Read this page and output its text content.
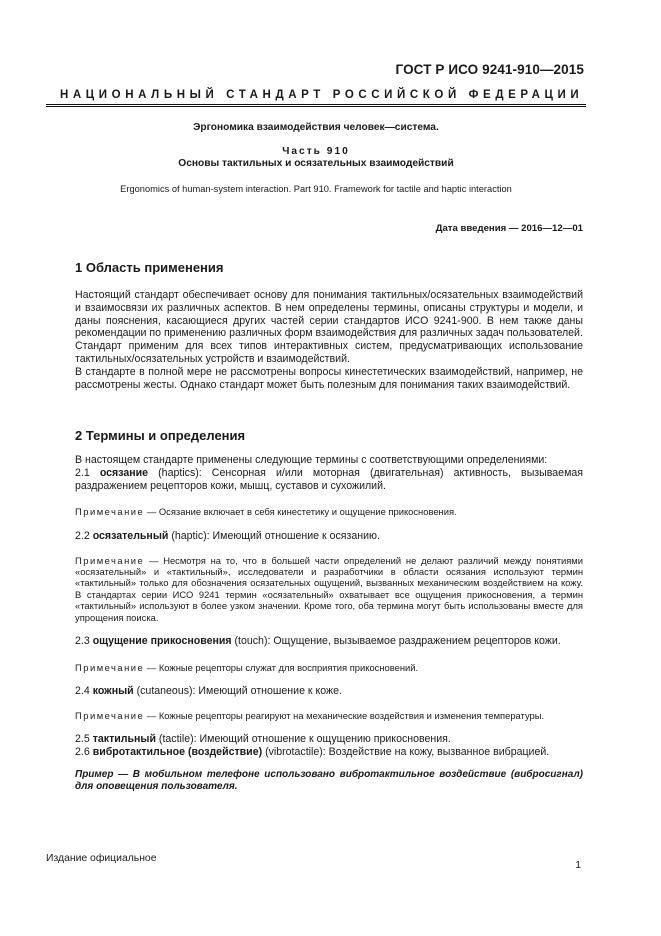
ГОСТ Р ИСО 9241-910—2015
НАЦИОНАЛЬНЫЙ СТАНДАРТ РОССИЙСКОЙ ФЕДЕРАЦИИ
Эргономика взаимодействия человек—система.
Часть 910
Основы тактильных и осязательных взаимодействий
Ergonomics of human-system interaction. Part 910. Framework for tactile and haptic interaction
Дата введения — 2016—12—01
1 Область применения

Настоящий стандарт обеспечивает основу для понимания тактильных/осязательных взаимодействий и взаимосвязи их различных аспектов. В нем определены термины, описаны структуры и модели, и даны пояснения, касающиеся других частей серии стандартов ИСО 9241-900. В нем также даны рекомендации по применению различных форм взаимодействия для различных задач пользователей.

Стандарт применим для всех типов интерактивных систем, предусматривающих использование тактильных/осязательных устройств и взаимодействий.

В стандарте в полной мере не рассмотрены вопросы кинестетических взаимодействий, например, не рассмотрены жесты. Однако стандарт может быть полезным для понимания таких взаимодействий.

2 Термины и определения

В настоящем стандарте применены следующие термины с соответствующими определениями:

2.1 осязание (haptics): Сенсорная и/или моторная (двигательная) активность, вызываемая раздражением рецепторов кожи, мышц, суставов и сухожилий.

Примечание — Осязание включает в себя кинестетику и ощущение прикосновения.

2.2 осязательный (haptic): Имеющий отношение к осязанию.

Примечание — Несмотря на то, что в большей части определений не делают различий между понятиями «осязательный» и «тактильный», исследователи и разработчики в области осязания используют термин «тактильный» только для обозначения осязательных ощущений, вызванных механическим воздействием на кожу. В стандартах серии ИСО 9241 термин «осязательный» охватывает все ощущения прикосновения, а термин «тактильный» используют в более узком значении. Кроме того, оба термина могут быть использованы вместе для упрощения поиска.

2.3 ощущение прикосновения (touch): Ощущение, вызываемое раздражением рецепторов кожи.

Примечание — Кожные рецепторы служат для восприятия прикосновений.

2.4 кожный (cutaneous): Имеющий отношение к коже.

Примечание — Кожные рецепторы реагируют на механические воздействия и изменения температуры.

2.5 тактильный (tactile): Имеющий отношение к ощущению прикосновения.

2.6 вибротактильное (воздействие) (vibrotactile): Воздействие на кожу, вызванное вибрацией.

Пример — В мобильном телефоне использовано вибротактильное воздействие (вибросигнал) для оповещения пользователя.

Издание официальное
1
